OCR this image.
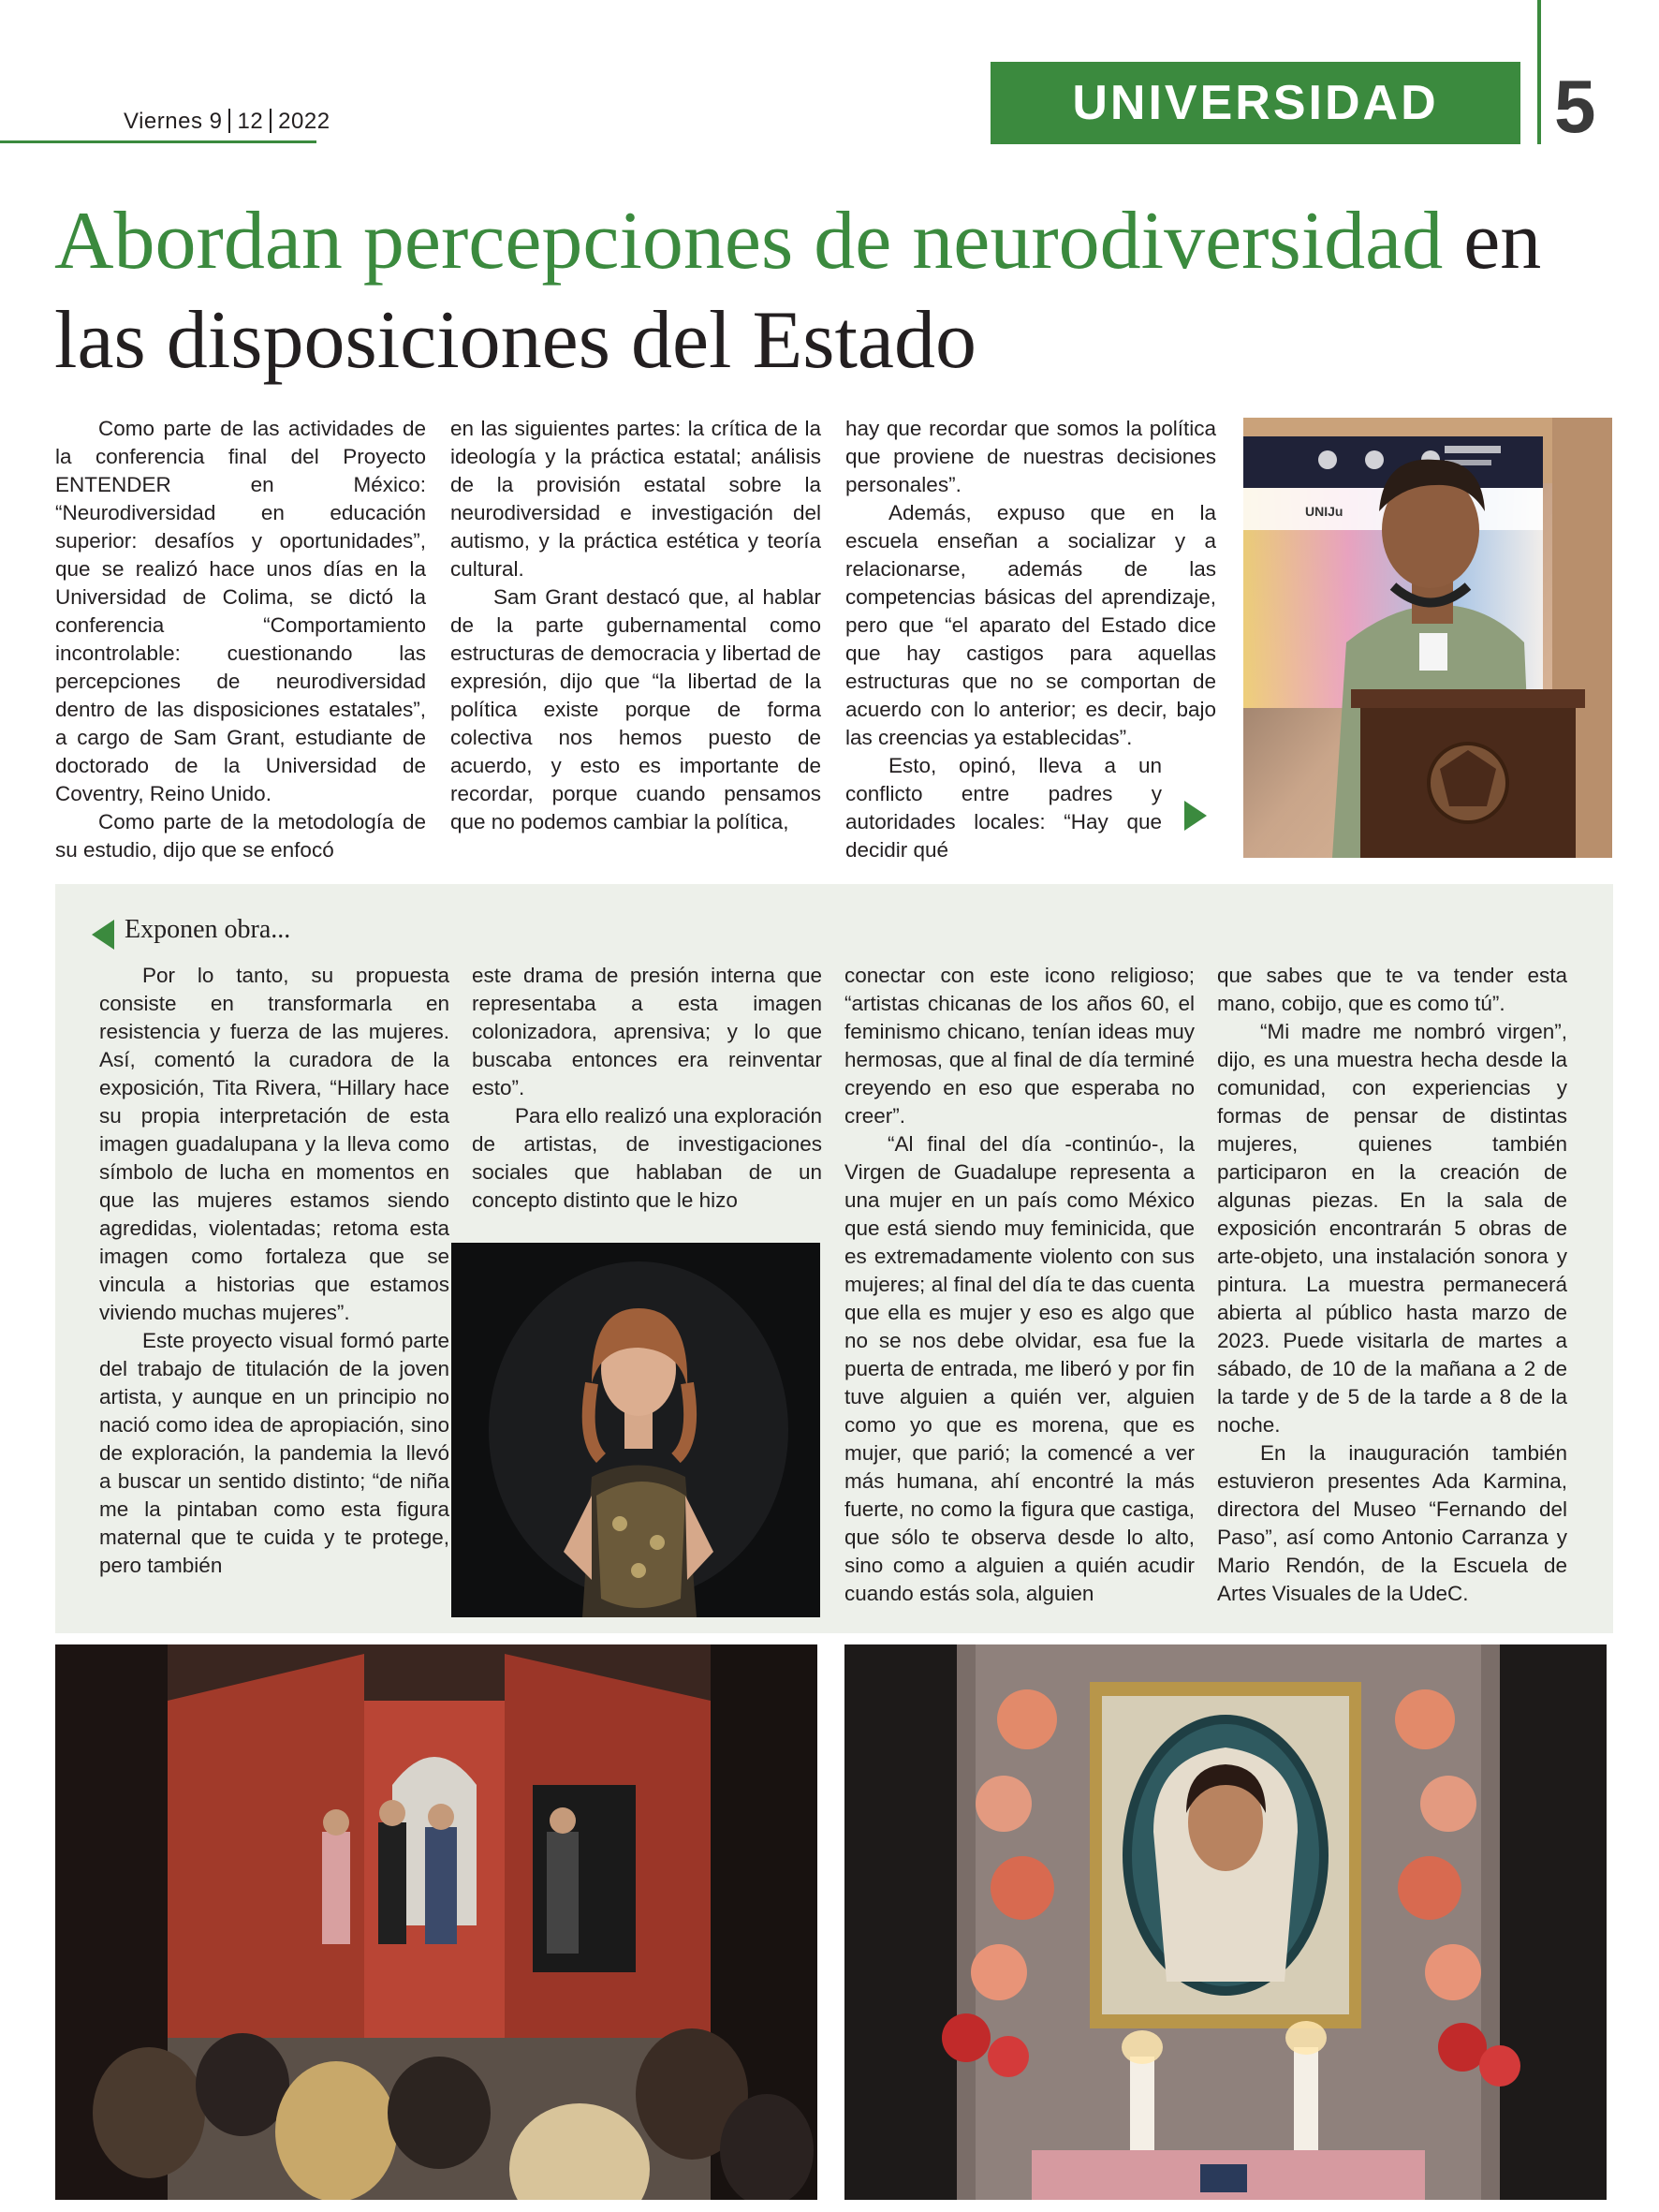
Viernes 9 12 2022	UNIVERSIDAD	5
Abordan percepciones de neurodiversidad en las disposiciones del Estado

Como parte de las actividades de la conferencia final del Proyecto ENTENDER en México: “Neurodiversidad en educación superior: desafíos y oportunidades”, que se realizó hace unos días en la Universidad de Colima, se dictó la conferencia “Comportamiento incontrolable: cuestionando las percepciones de neurodiversidad dentro de las disposiciones estatales”, a cargo de Sam Grant, estudiante de doctorado de la Universidad de Coventry, Reino Unido.

Como parte de la metodología de su estudio, dijo que se enfocó

en las siguientes partes: la crítica de la ideología y la práctica estatal; análisis de la provisión estatal sobre la neurodiversidad e investigación del autismo, y la práctica estética y teoría cultural.

Sam Grant destacó que, al hablar de la parte gubernamental como estructuras de democracia y libertad de expresión, dijo que “la libertad de la política existe porque de forma colectiva nos hemos puesto de acuerdo, y esto es importante de recordar, porque cuando pensamos que no podemos cambiar la política,

hay que recordar que somos la política que proviene de nuestras decisiones personales”.

Además, expuso que en la escuela enseñan a socializar y a relacionarse, además de las competencias básicas del aprendizaje, pero que “el aparato del Estado dice que hay castigos para aquellas estructuras que no se comportan de acuerdo con lo anterior; es decir, bajo las creencias ya establecidas”.

Esto, opinó, lleva a un conflicto entre padres y autoridades locales: “Hay que decidir qué

UNIJu
Exponen obra...

Por lo tanto, su propuesta consiste en transformarla en resistencia y fuerza de las mujeres. Así, comentó la curadora de la exposición, Tita Rivera, “Hillary hace su propia interpretación de esta imagen guadalupana y la lleva como símbolo de lucha en momentos en que las mujeres estamos siendo agredidas, violentadas; retoma esta imagen como fortaleza que se vincula a historias que estamos viviendo muchas mujeres”.

Este proyecto visual formó parte del trabajo de titulación de la joven artista, y aunque en un principio no nació como idea de apropiación, sino de exploración, la pandemia la llevó a buscar un sentido distinto; “de niña me la pintaban como esta figura maternal que te cuida y te protege, pero también

este drama de presión interna que representaba a esta imagen colonizadora, aprensiva; y lo que buscaba entonces era reinventar esto”.

Para ello realizó una exploración de artistas, de investigaciones sociales que hablaban de un concepto distinto que le hizo

conectar con este icono religioso; “artistas chicanas de los años 60, el feminismo chicano, tenían ideas muy hermosas, que al final de día terminé creyendo en eso que esperaba no creer”.

“Al final del día -continúo-, la Virgen de Guadalupe representa a una mujer en un país como México que está siendo muy feminicida, que es extremadamente violento con sus mujeres; al final del día te das cuenta que ella es mujer y eso es algo que no se nos debe olvidar, esa fue la puerta de entrada, me liberó y por fin tuve alguien a quién ver, alguien como yo que es morena, que es mujer, que parió; la comencé a ver más humana, ahí encontré la más fuerte, no como la figura que castiga, que sólo te observa desde lo alto, sino como a alguien a quién acudir cuando estás sola, alguien

que sabes que te va tender esta mano, cobijo, que es como tú”.

“Mi madre me nombró virgen”, dijo, es una muestra hecha desde la comunidad, con experiencias y formas de pensar de distintas mujeres, quienes también participaron en la creación de algunas piezas. En la sala de exposición encontrarán 5 obras de arte-objeto, una instalación sonora y pintura. La muestra permanecerá abierta al público hasta marzo de 2023. Puede visitarla de martes a sábado, de 10 de la mañana a 2 de la tarde y de 5 de la tarde a 8 de la noche.

En la inauguración también estuvieron presentes Ada Karmina, directora del Museo “Fernando del Paso”, así como Antonio Carranza y Mario Rendón, de la Escuela de Artes Visuales de la UdeC.
